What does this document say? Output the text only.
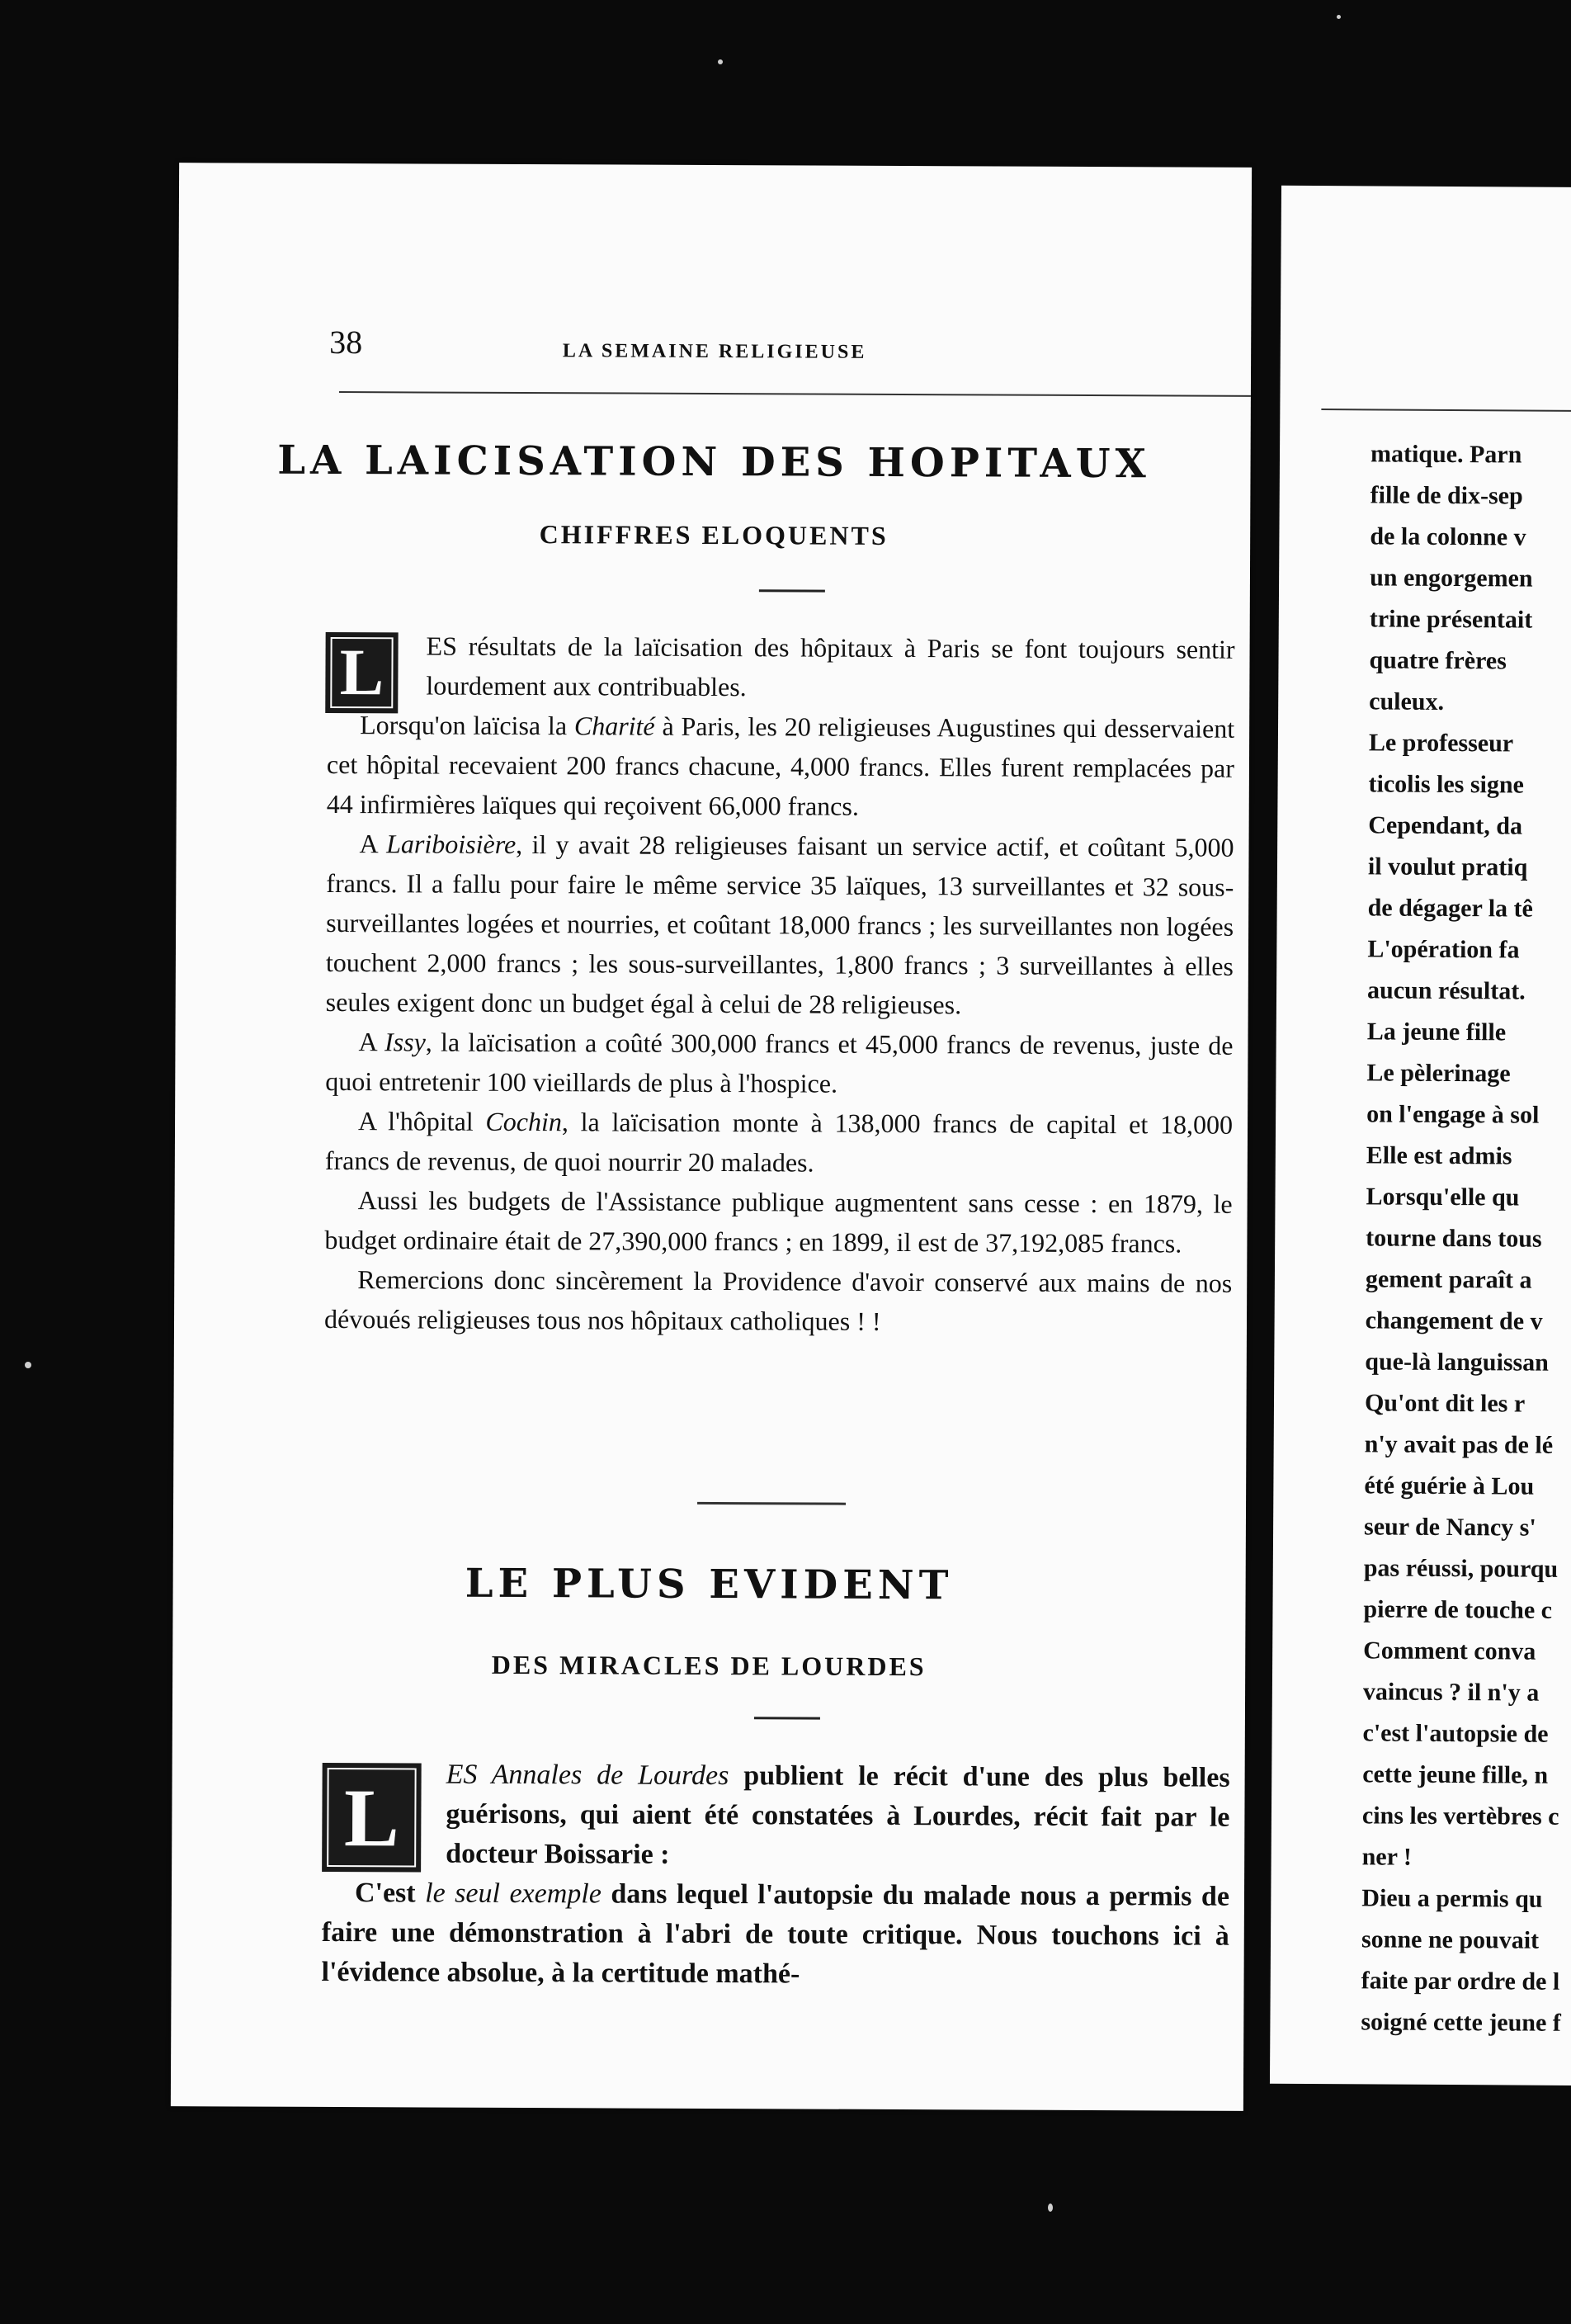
38	LA SEMAINE RELIGIEUSE
LA LAICISATION DES HOPITAUX
CHIFFRES ELOQUENTS
L	ES résultats de la laïcisation des hôpitaux à Paris se font toujours sentir lourdement aux contribuables.

Lorsqu'on laïcisa la Charité à Paris, les 20 religieuses Augustines qui desservaient cet hôpital recevaient 200 francs chacune, 4,000 francs. Elles furent remplacées par 44 infirmières laïques qui reçoivent 66,000 francs.

A Lariboisière, il y avait 28 religieuses faisant un service actif, et coûtant 5,000 francs. Il a fallu pour faire le même service 35 laïques, 13 surveillantes et 32 sous-surveillantes logées et nourries, et coûtant 18,000 francs ; les surveillantes non logées touchent 2,000 francs ; les sous-surveillantes, 1,800 francs ; 3 surveillantes à elles seules exigent donc un budget égal à celui de 28 religieuses.

A Issy, la laïcisation a coûté 300,000 francs et 45,000 francs de revenus, juste de quoi entretenir 100 vieillards de plus à l'hospice.

A l'hôpital Cochin, la laïcisation monte à 138,000 francs de capital et 18,000 francs de revenus, de quoi nourrir 20 malades.

Aussi les budgets de l'Assistance publique augmentent sans cesse : en 1879, le budget ordinaire était de 27,390,000 francs ; en 1899, il est de 37,192,085 francs.

Remercions donc sincèrement la Providence d'avoir conservé aux mains de nos dévoués religieuses tous nos hôpitaux catholiques ! !

LE PLUS EVIDENT
DES MIRACLES DE LOURDES
L	ES Annales de Lourdes publient le récit d'une des plus belles guérisons, qui aient été constatées à Lourdes, récit fait par le docteur Boissarie :

C'est le seul exemple dans lequel l'autopsie du malade nous a permis de faire une démonstration à l'abri de toute critique. Nous touchons ici à l'évidence absolue, à la certitude mathé-

matique. Parn
fille de dix-sep
de la colonne v
un engorgemen
trine présentait
quatre frères
culeux.
Le professeur
ticolis les signe
Cependant, da
il voulut pratiq
de dégager la tê
L'opération fa
aucun résultat.
La jeune fille
Le pèlerinage
on l'engage à sol
Elle est admis
Lorsqu'elle qu
tourne dans tous
gement paraît a
changement de v
que-là languissan
Qu'ont dit les r
n'y avait pas de lé
été guérie à Lou
seur de Nancy s'
pas réussi, pourqu
pierre de touche c
Comment conva
vaincus ? il n'y a
c'est l'autopsie de
cette jeune fille, n
cins les vertèbres c
ner !
Dieu a permis qu
sonne ne pouvait
faite par ordre de l
soigné cette jeune f
